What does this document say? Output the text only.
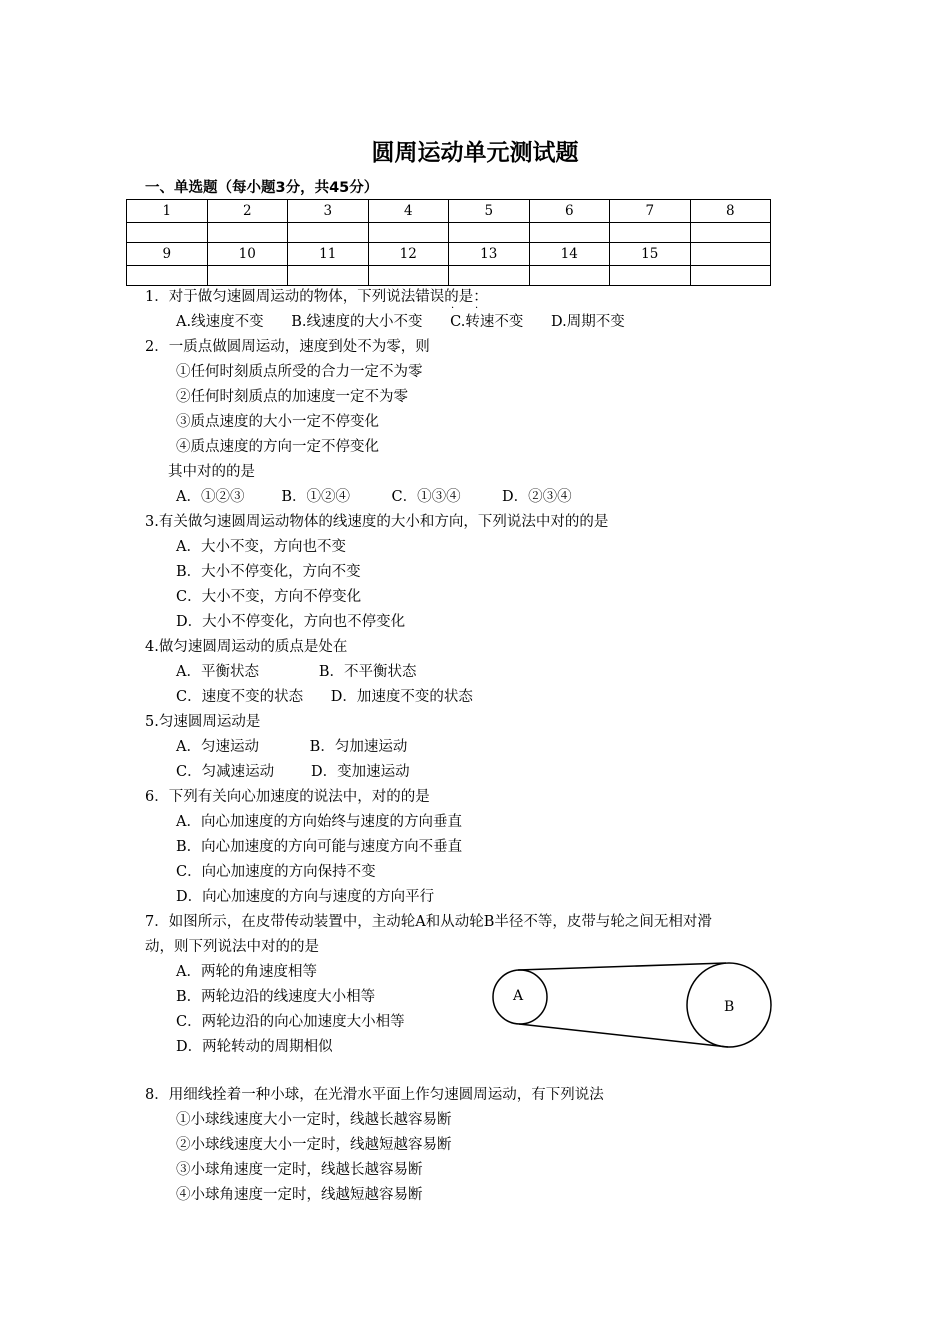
圆周运动单元测试题
一、单选题（每小题3分，共45分）
1	2	3	4	5	6	7	8

9	10	11	12	13	14	15	

1．对于做匀速圆周运动的物体，下列说法错误的是：
· ·
A.线速度不变      B.线速度的大小不变      C.转速不变      D.周期不变
2．一质点做圆周运动，速度到处不为零，则
①任何时刻质点所受的合力一定不为零
②任何时刻质点的加速度一定不为零
③质点速度的大小一定不停变化
④质点速度的方向一定不停变化
其中对的的是
A．①②③        B．①②④         C．①③④         D．②③④
3.有关做匀速圆周运动物体的线速度的大小和方向，下列说法中对的的是
A．大小不变，方向也不变
B．大小不停变化，方向不变
C．大小不变，方向不停变化
D．大小不停变化，方向也不停变化
4.做匀速圆周运动的质点是处在
A．平衡状态             B．不平衡状态
C．速度不变的状态      D．加速度不变的状态
5.匀速圆周运动是
A．匀速运动           B．匀加速运动
C．匀减速运动        D．变加速运动
6．下列有关向心加速度的说法中，对的的是
A．向心加速度的方向始终与速度的方向垂直
B．向心加速度的方向可能与速度方向不垂直
C．向心加速度的方向保持不变
D．向心加速度的方向与速度的方向平行
7．如图所示，在皮带传动装置中，主动轮A和从动轮B半径不等，皮带与轮之间无相对滑
动，则下列说法中对的的是
A．两轮的角速度相等
B．两轮边沿的线速度大小相等
C．两轮边沿的向心加速度大小相等
D．两轮转动的周期相似
A
B
8．用细线拴着一种小球，在光滑水平面上作匀速圆周运动，有下列说法
①小球线速度大小一定时，线越长越容易断
②小球线速度大小一定时，线越短越容易断
③小球角速度一定时，线越长越容易断
④小球角速度一定时，线越短越容易断
